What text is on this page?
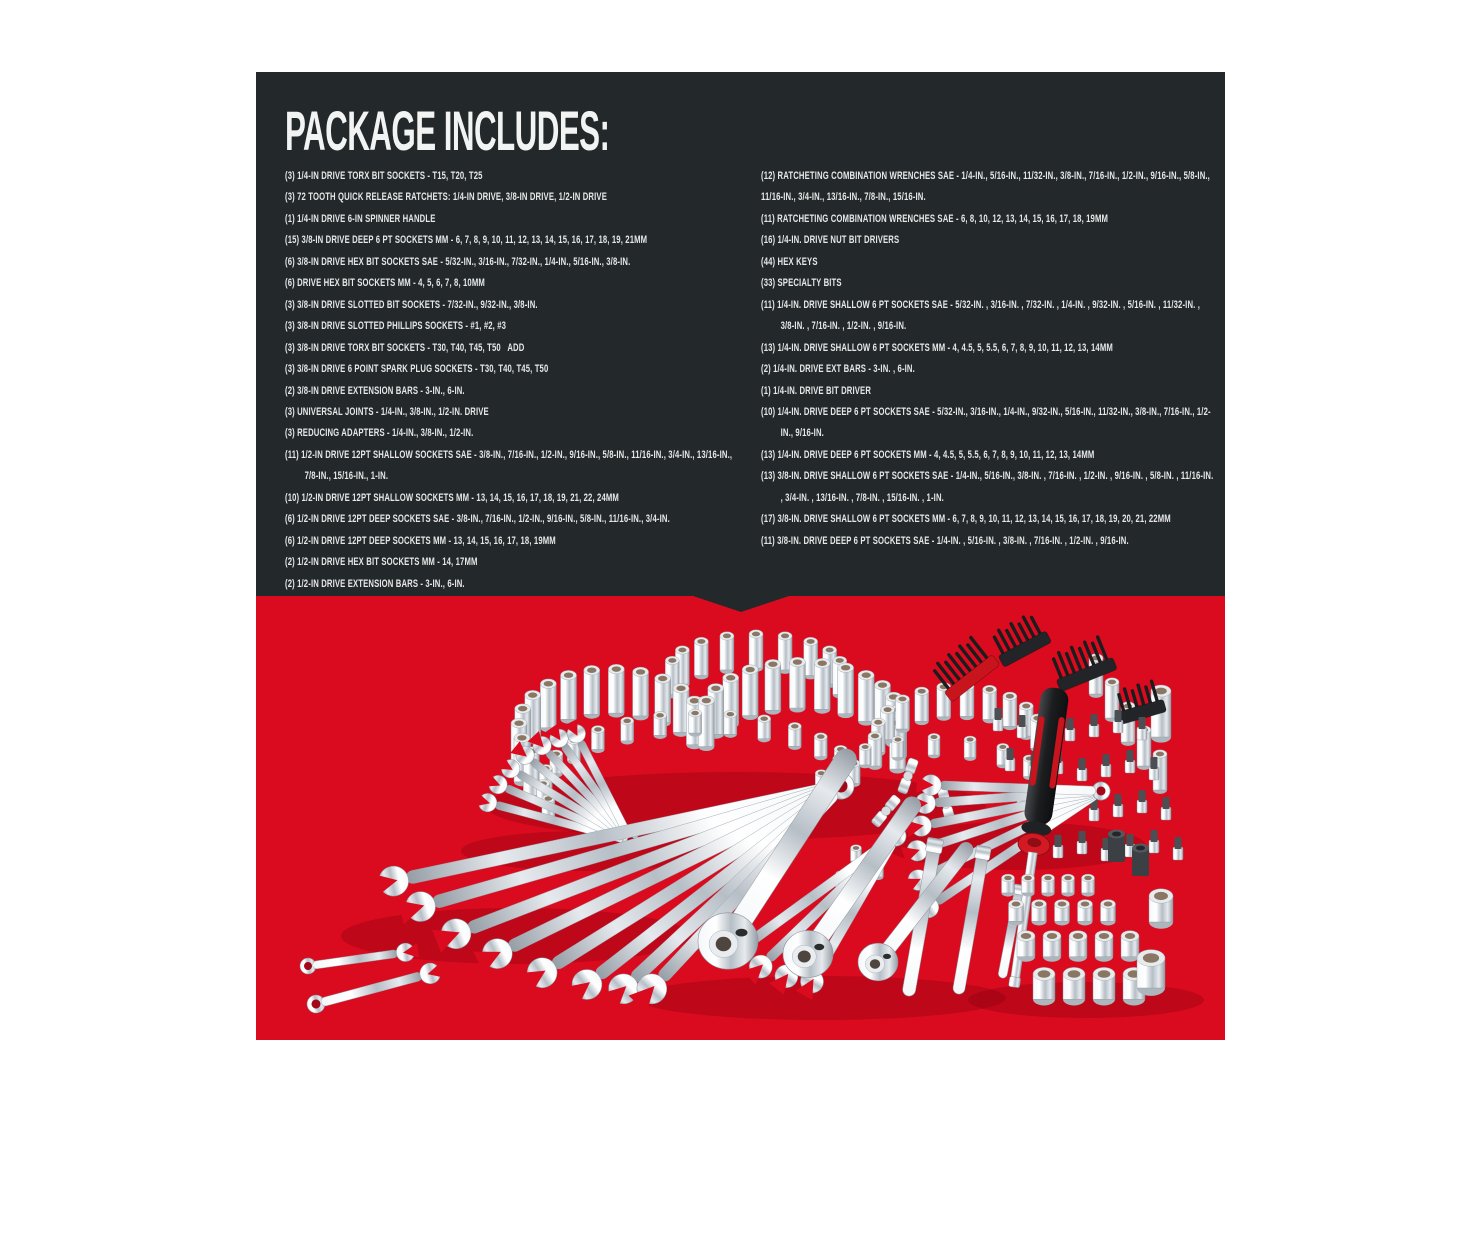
PACKAGE INCLUDES:
(3) 1/4-IN DRIVE TORX BIT SOCKETS - T15, T20, T25
(3) 72 TOOTH QUICK RELEASE RATCHETS: 1/4-IN DRIVE, 3/8-IN DRIVE, 1/2-IN DRIVE
(1) 1/4-IN DRIVE 6-IN SPINNER HANDLE
(15) 3/8-IN DRIVE DEEP 6 PT SOCKETS MM - 6, 7, 8, 9, 10, 11, 12, 13, 14, 15, 16, 17, 18, 19, 21MM
(6) 3/8-IN DRIVE HEX BIT SOCKETS SAE - 5/32-IN., 3/16-IN., 7/32-IN., 1/4-IN., 5/16-IN., 3/8-IN.
(6) DRIVE HEX BIT SOCKETS MM - 4, 5, 6, 7, 8, 10MM
(3) 3/8-IN DRIVE SLOTTED BIT SOCKETS - 7/32-IN., 9/32-IN., 3/8-IN.
(3) 3/8-IN DRIVE SLOTTED PHILLIPS SOCKETS - #1, #2, #3
(3) 3/8-IN DRIVE TORX BIT SOCKETS - T30, T40, T45, T50   ADD
(3) 3/8-IN DRIVE 6 POINT SPARK PLUG SOCKETS - T30, T40, T45, T50
(2) 3/8-IN DRIVE EXTENSION BARS - 3-IN., 6-IN.
(3) UNIVERSAL JOINTS - 1/4-IN., 3/8-IN., 1/2-IN. DRIVE
(3) REDUCING ADAPTERS - 1/4-IN., 3/8-IN., 1/2-IN.
(11) 1/2-IN DRIVE 12PT SHALLOW SOCKETS SAE - 3/8-IN., 7/16-IN., 1/2-IN., 9/16-IN., 5/8-IN., 11/16-IN., 3/4-IN., 13/16-IN., 7/8-IN., 15/16-IN., 1-IN.
(10) 1/2-IN DRIVE 12PT SHALLOW SOCKETS MM - 13, 14, 15, 16, 17, 18, 19, 21, 22, 24MM
(6) 1/2-IN DRIVE 12PT DEEP SOCKETS SAE - 3/8-IN., 7/16-IN., 1/2-IN., 9/16-IN., 5/8-IN., 11/16-IN., 3/4-IN.
(6) 1/2-IN DRIVE 12PT DEEP SOCKETS MM - 13, 14, 15, 16, 17, 18, 19MM
(2) 1/2-IN DRIVE HEX BIT SOCKETS MM - 14, 17MM
(2) 1/2-IN DRIVE EXTENSION BARS - 3-IN., 6-IN.
(12) RATCHETING COMBINATION WRENCHES SAE - 1/4-IN., 5/16-IN., 11/32-IN., 3/8-IN., 7/16-IN., 1/2-IN., 9/16-IN., 5/8-IN., 11/16-IN., 3/4-IN., 13/16-IN., 7/8-IN., 15/16-IN.
(11) RATCHETING COMBINATION WRENCHES SAE - 6, 8, 10, 12, 13, 14, 15, 16, 17, 18, 19MM
(16) 1/4-IN. DRIVE NUT BIT DRIVERS
(44) HEX KEYS
(33) SPECIALTY BITS
(11) 1/4-IN. DRIVE SHALLOW 6 PT SOCKETS SAE - 5/32-IN. , 3/16-IN. , 7/32-IN. , 1/4-IN. , 9/32-IN. , 5/16-IN. , 11/32-IN. , 3/8-IN. , 7/16-IN. , 1/2-IN. , 9/16-IN.
(13) 1/4-IN. DRIVE SHALLOW 6 PT SOCKETS MM - 4, 4.5, 5, 5.5, 6, 7, 8, 9, 10, 11, 12, 13, 14MM
(2) 1/4-IN. DRIVE EXT BARS - 3-IN. , 6-IN.
(1) 1/4-IN. DRIVE BIT DRIVER
(10) 1/4-IN. DRIVE DEEP 6 PT SOCKETS SAE - 5/32-IN., 3/16-IN., 1/4-IN., 9/32-IN., 5/16-IN., 11/32-IN., 3/8-IN., 7/16-IN., 1/2-IN., 9/16-IN.
(13) 1/4-IN. DRIVE DEEP 6 PT SOCKETS MM - 4, 4.5, 5, 5.5, 6, 7, 8, 9, 10, 11, 12, 13, 14MM
(13) 3/8-IN. DRIVE SHALLOW 6 PT SOCKETS SAE - 1/4-IN., 5/16-IN., 3/8-IN. , 7/16-IN. , 1/2-IN. , 9/16-IN. , 5/8-IN. , 11/16-IN. , 3/4-IN. , 13/16-IN. , 7/8-IN. , 15/16-IN. , 1-IN.
(17) 3/8-IN. DRIVE SHALLOW 6 PT SOCKETS MM - 6, 7, 8, 9, 10, 11, 12, 13, 14, 15, 16, 17, 18, 19, 20, 21, 22MM
(11) 3/8-IN. DRIVE DEEP 6 PT SOCKETS SAE - 1/4-IN. , 5/16-IN. , 3/8-IN. , 7/16-IN. , 1/2-IN. , 9/16-IN.
